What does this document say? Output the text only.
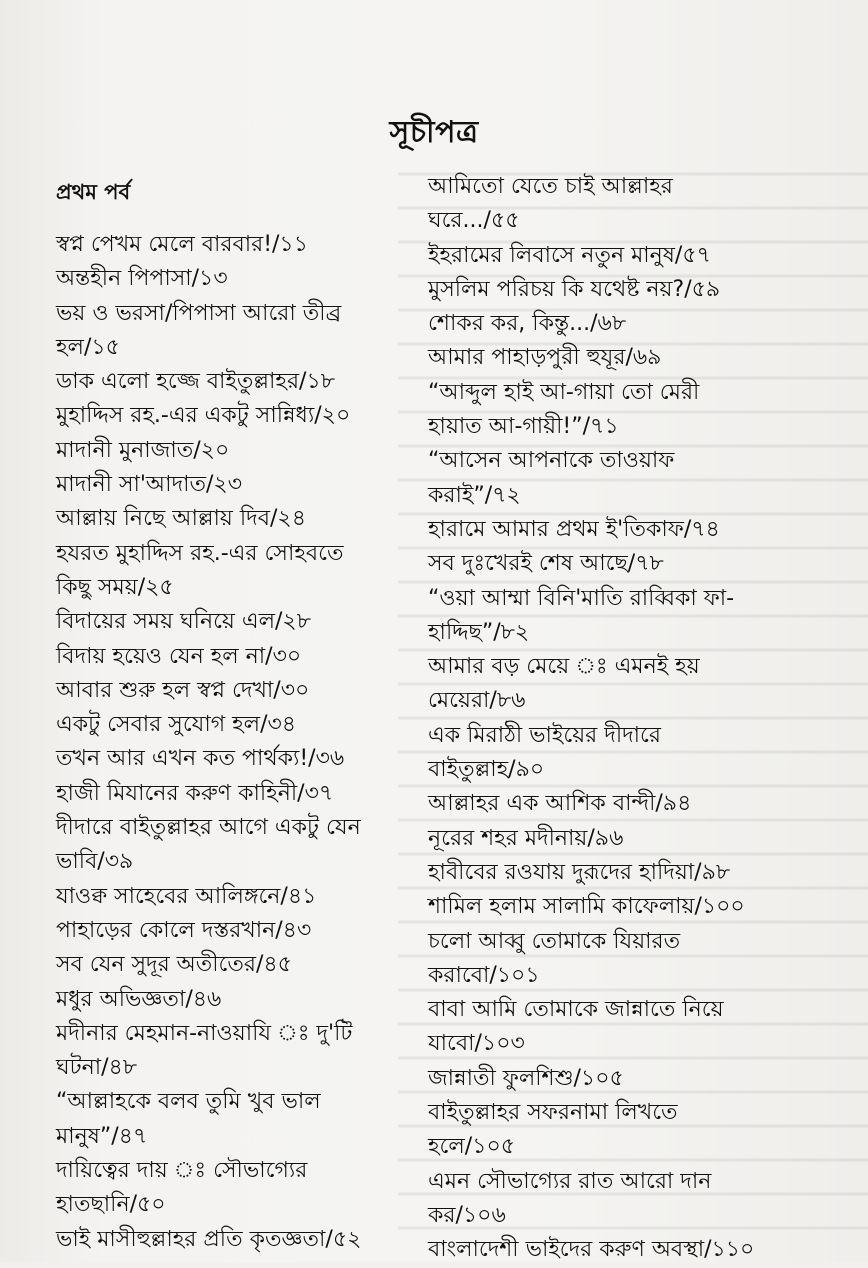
সূচীপত্র
প্রথম পর্ব
স্বপ্ন পেখম মেলে বারবার!/১১
অন্তহীন পিপাসা/১৩
ভয় ও ভরসা/পিপাসা আরো তীব্র
হল/১৫
ডাক এলো হজ্জে বাইতুল্লাহর/১৮
মুহাদ্দিস রহ.-এর একটু সান্নিধ্য/২০
মাদানী মুনাজাত/২০
মাদানী সা'আদাত/২৩
আল্লায় নিছে আল্লায় দিব/২৪
হযরত মুহাদ্দিস রহ.-এর সোহবতে
কিছু সময়/২৫
বিদায়ের সময় ঘনিয়ে এল/২৮
বিদায় হয়েও যেন হল না/৩০
আবার শুরু হল স্বপ্ন দেখা/৩০
একটু সেবার সুযোগ হল/৩৪
তখন আর এখন কত পার্থক্য!/৩৬
হাজী মিযানের করুণ কাহিনী/৩৭
দীদারে বাইতুল্লাহর আগে একটু যেন
ভাবি/৩৯
যাওক্ব সাহেবের আলিঙ্গনে/৪১
পাহাড়ের কোলে দস্তরখান/৪৩
সব যেন সুদূর অতীতের/৪৫
মধুর অভিজ্ঞতা/৪৬
মদীনার মেহমান-নাওয়াযি ঃ দু'টি
ঘটনা/৪৮
“আল্লাহকে বলব তুমি খুব ভাল
মানুষ”/৪৭
দায়িত্বের দায় ঃ সৌভাগ্যের
হাতছানি/৫০
ভাই মাসীহুল্লাহর প্রতি কৃতজ্ঞতা/৫২
আমিতো যেতে চাই আল্লাহর
ঘরে.../৫৫
ইহরামের লিবাসে নতুন মানুষ/৫৭
মুসলিম পরিচয় কি যথেষ্ট নয়?/৫৯
শোকর কর, কিন্তু.../৬৮
আমার পাহাড়পুরী হুযূর/৬৯
“আব্দুল হাই আ-গায়া তো মেরী
হায়াত আ-গায়ী!”/৭১
“আসেন আপনাকে তাওয়াফ
করাই”/৭২
হারামে আমার প্রথম ই'তিকাফ/৭৪
সব দুঃখেরই শেষ আছে/৭৮
“ওয়া আম্মা বিনি'মাতি রাব্বিকা ফা-
হাদ্দিছ”/৮২
আমার বড় মেয়ে ঃ এমনই হয়
মেয়েরা/৮৬
এক মিরাঠী ভাইয়ের দীদারে
বাইতুল্লাহ/৯০
আল্লাহর এক আশিক বান্দী/৯৪
নূরের শহর মদীনায়/৯৬
হাবীবের রওযায় দুরূদের হাদিয়া/৯৮
শামিল হলাম সালামি কাফেলায়/১০০
চলো আব্বু তোমাকে যিয়ারত
করাবো/১০১
বাবা আমি তোমাকে জান্নাতে নিয়ে
যাবো/১০৩
জান্নাতী ফুলশিশু/১০৫
বাইতুল্লাহর সফরনামা লিখতে
হলে/১০৫
এমন সৌভাগ্যের রাত আরো দান
কর/১০৬
বাংলাদেশী ভাইদের করুণ অবস্থা/১১০
